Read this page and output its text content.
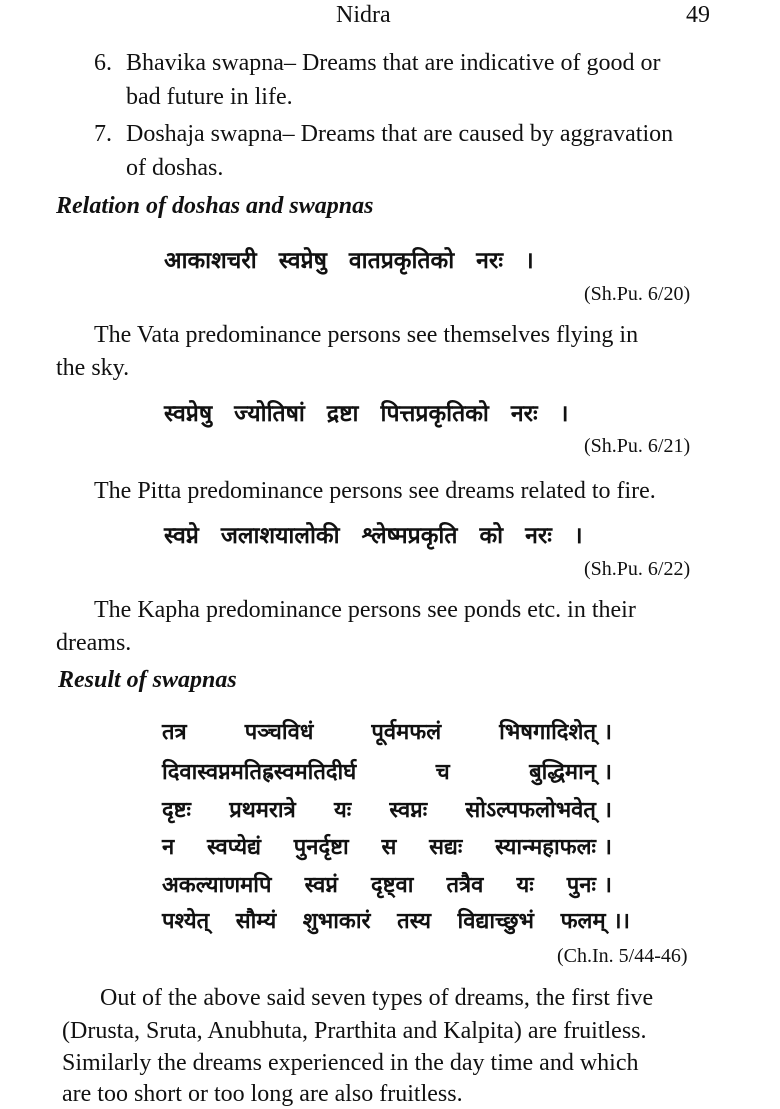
Nidra	49
6. Bhavika swapna– Dreams that are indicative of good or
bad future in life.
7. Doshaja swapna– Dreams that are caused by aggravation
of doshas.
Relation of doshas and swapnas
आकाशचरी स्वप्नेषु वातप्रकृतिको नरः ।
(Sh.Pu. 6/20)
The Vata predominance persons see themselves flying in
the sky.
स्वप्नेषु ज्योतिषां द्रष्टा पित्तप्रकृतिको नरः ।
(Sh.Pu. 6/21)
The Pitta predominance persons see dreams related to fire.
स्वप्ने जलाशयालोकी श्लेष्मप्रकृति को नरः ।
(Sh.Pu. 6/22)
The Kapha predominance persons see ponds etc. in their
dreams.
Result of swapnas
तत्र	पञ्चविधं	पूर्वमफलं	भिषगादिशेत् ।
दिवास्वप्नमतिह्रस्वमतिदीर्घ	च	बुद्धिमान् ।
दृष्टः प्रथमरात्रे यः स्वप्नः सोऽल्पफलोभवेत् ।
न स्वप्येद्यं पुनर्दृष्टा स सद्यः स्यान्महाफलः ।
अकल्याणमपि स्वप्नं दृष्ट्वा तत्रैव यः पुनः ।
पश्येत् सौम्यं शुभाकारं तस्य विद्याच्छुभं फलम् ।।
(Ch.In. 5/44-46)
Out of the above said seven types of dreams, the first five
(Drusta, Sruta, Anubhuta, Prarthita and Kalpita) are fruitless.
Similarly the dreams experienced in the day time and which
are too short or too long are also fruitless.
